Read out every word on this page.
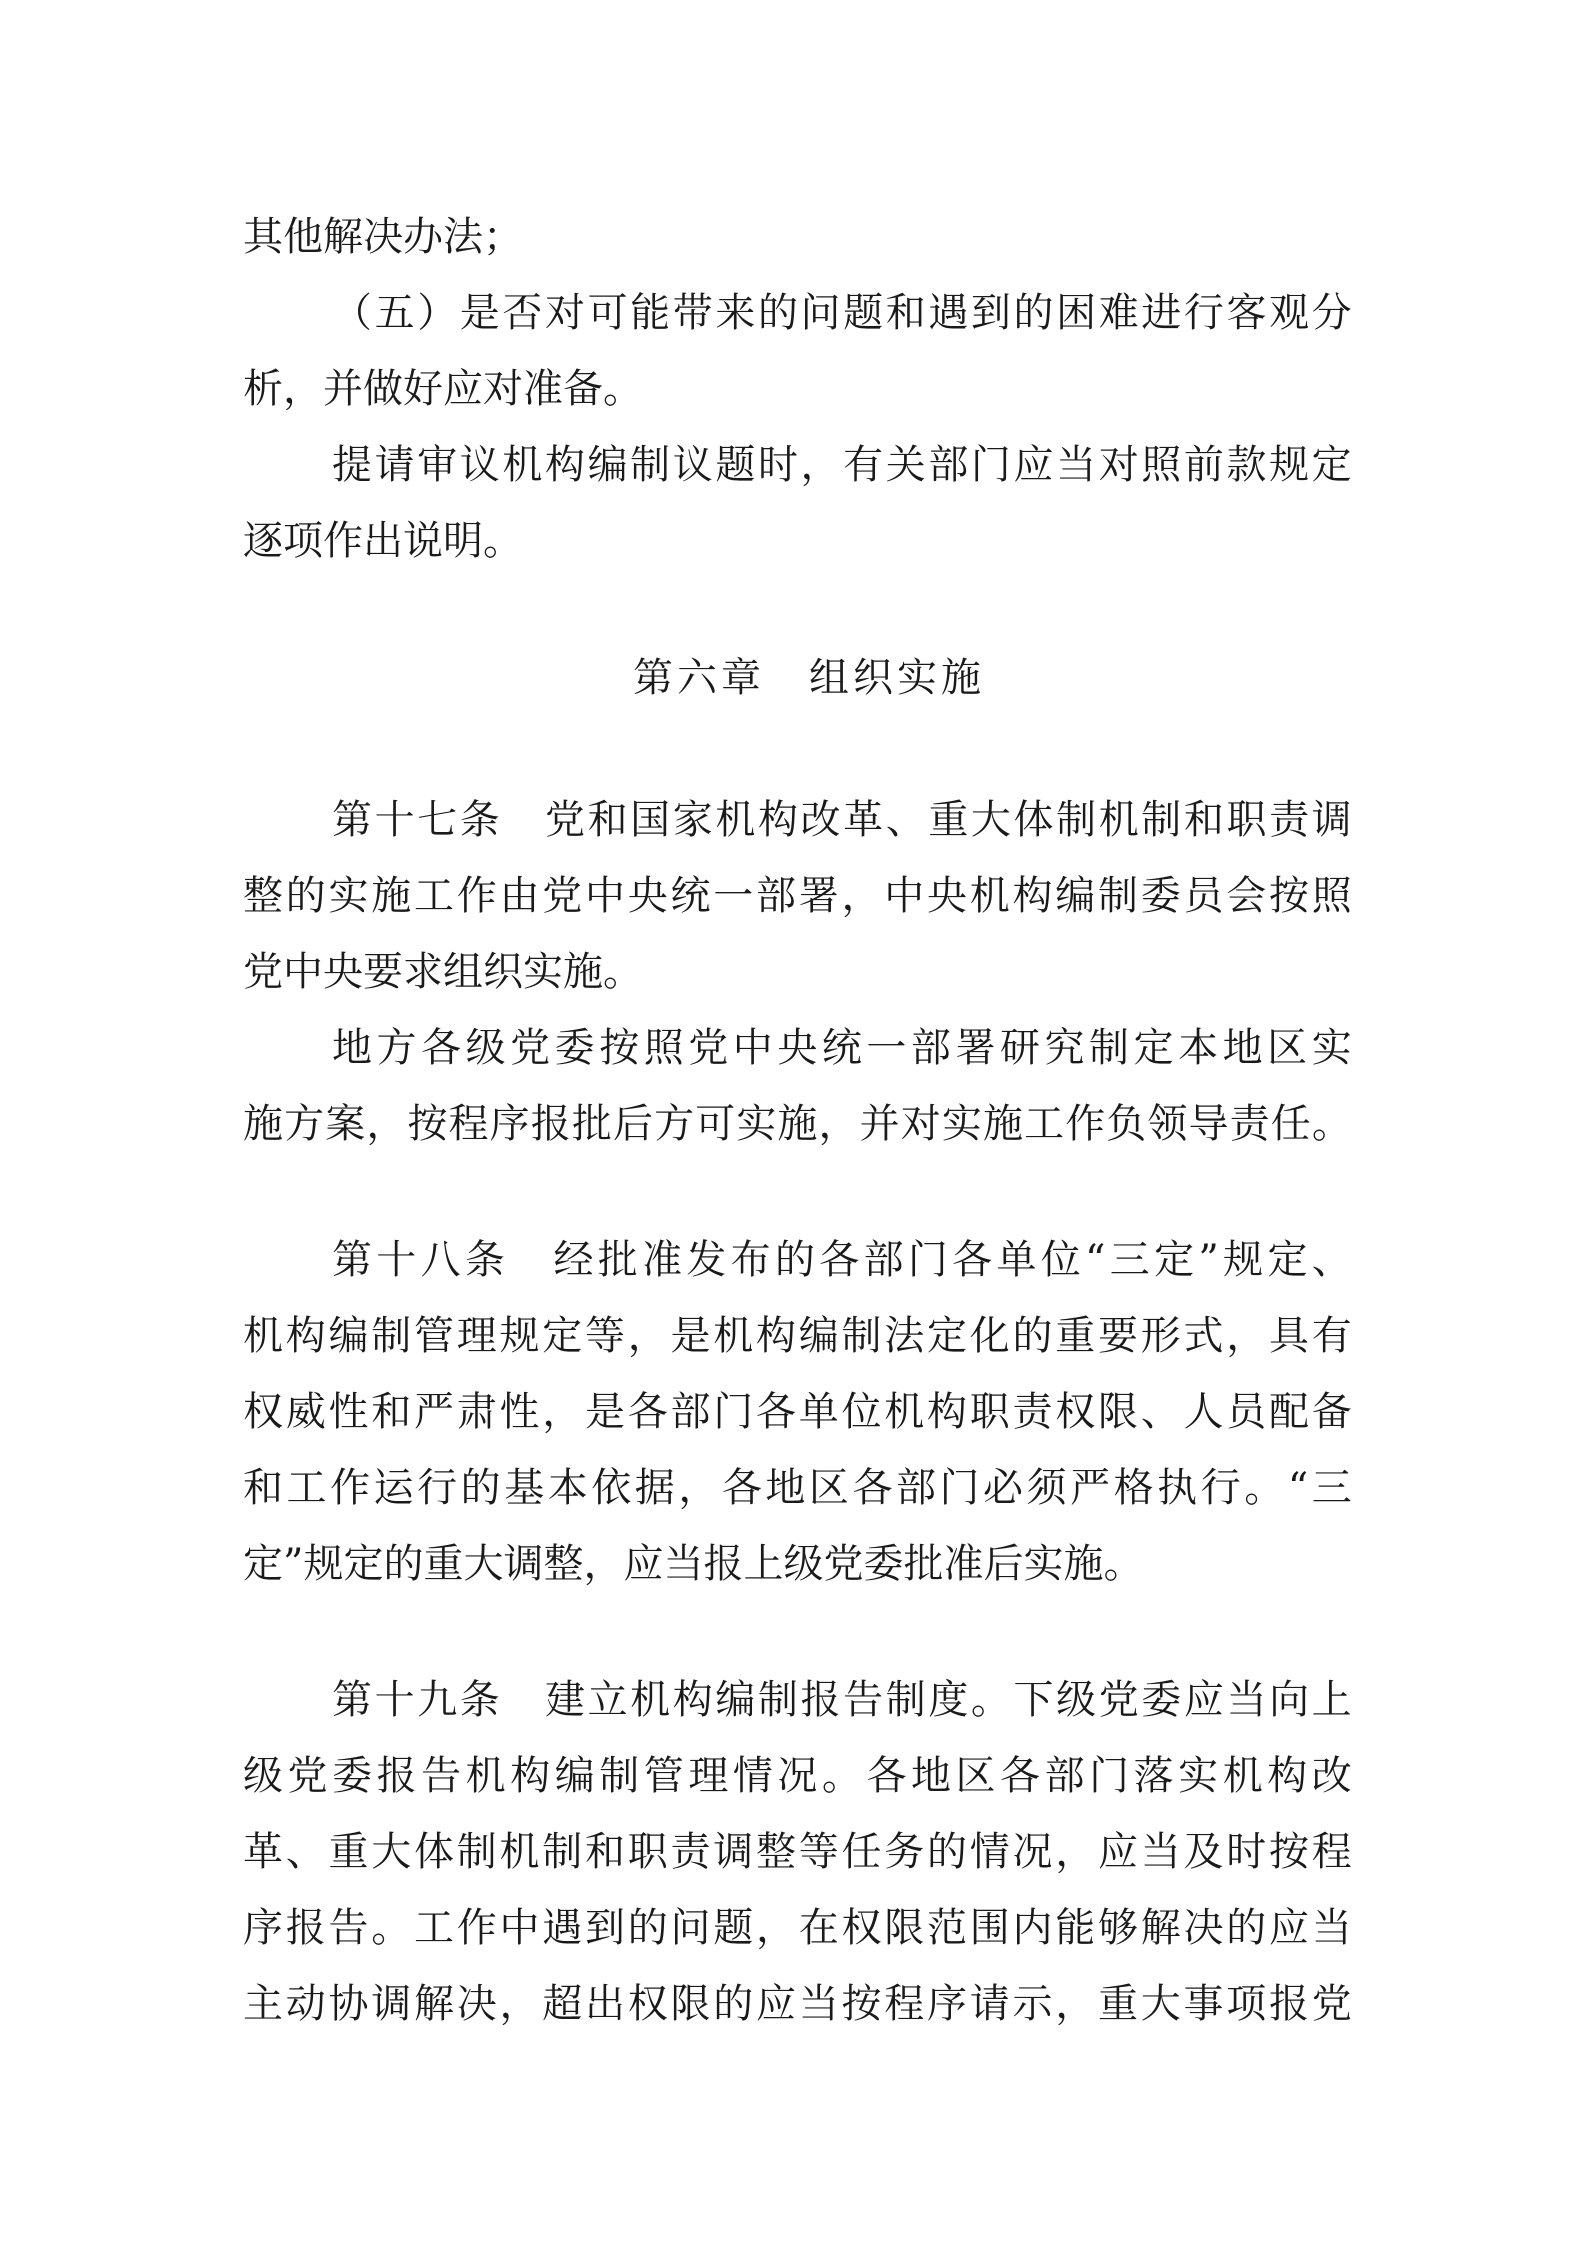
其他解决办法；
（ 五 ） 是 否 对 可 能 带 来 的 问 题 和 遇 到 的 困 难 进 行 客 观 分
析，并做好应对准备。
提 请 审 议 机 构 编 制 议 题 时 ， 有 关 部 门 应 当 对 照 前 款 规 定
逐项作出说明。
第六章　组织实施
第 十 七 条
　 党 和 国 家 机 构 改 革 、 重 大 体 制 机 制 和 职 责 调
整 的 实 施 工 作 由 党 中 央 统 一 部 署 ， 中 央 机 构 编 制 委 员 会 按 照
党中央要求组织实施。
地 方 各 级 党 委 按 照 党 中 央 统 一 部 署 研 究 制 定 本 地 区 实
施 方 案 ， 按 程 序 报 批 后 方 可 实 施 ， 并 对 实 施 工 作 负 领 导 责 任 。
第 十 八 条
　 经 批 准 发 布 的 各 部 门 各 单 位 “ 三 定 ” 规 定 、
机 构 编 制 管 理 规 定 等 ， 是 机 构 编 制 法 定 化 的 重 要 形 式 ， 具 有
权 威 性 和 严 肃 性 ， 是 各 部 门 各 单 位 机 构 职 责 权 限 、 人 员 配 备
和 工 作 运 行 的 基 本 依 据 ， 各 地 区 各 部 门 必 须 严 格 执 行 。 “ 三
定”规定的重大调整，应当报上级党委批准后实施。
第 十 九 条
　 建 立 机 构 编 制 报 告 制 度 。 下 级 党 委 应 当 向 上
级 党 委 报 告 机 构 编 制 管 理 情 况 。 各 地 区 各 部 门 落 实 机 构 改
革 、 重 大 体 制 机 制 和 职 责 调 整 等 任 务 的 情 况 ， 应 当 及 时 按 程
序 报 告 。 工 作 中 遇 到 的 问 题 ， 在 权 限 范 围 内 能 够 解 决 的 应 当
主 动 协 调 解 决 ， 超 出 权 限 的 应 当 按 程 序 请 示 ， 重 大 事 项 报 党
